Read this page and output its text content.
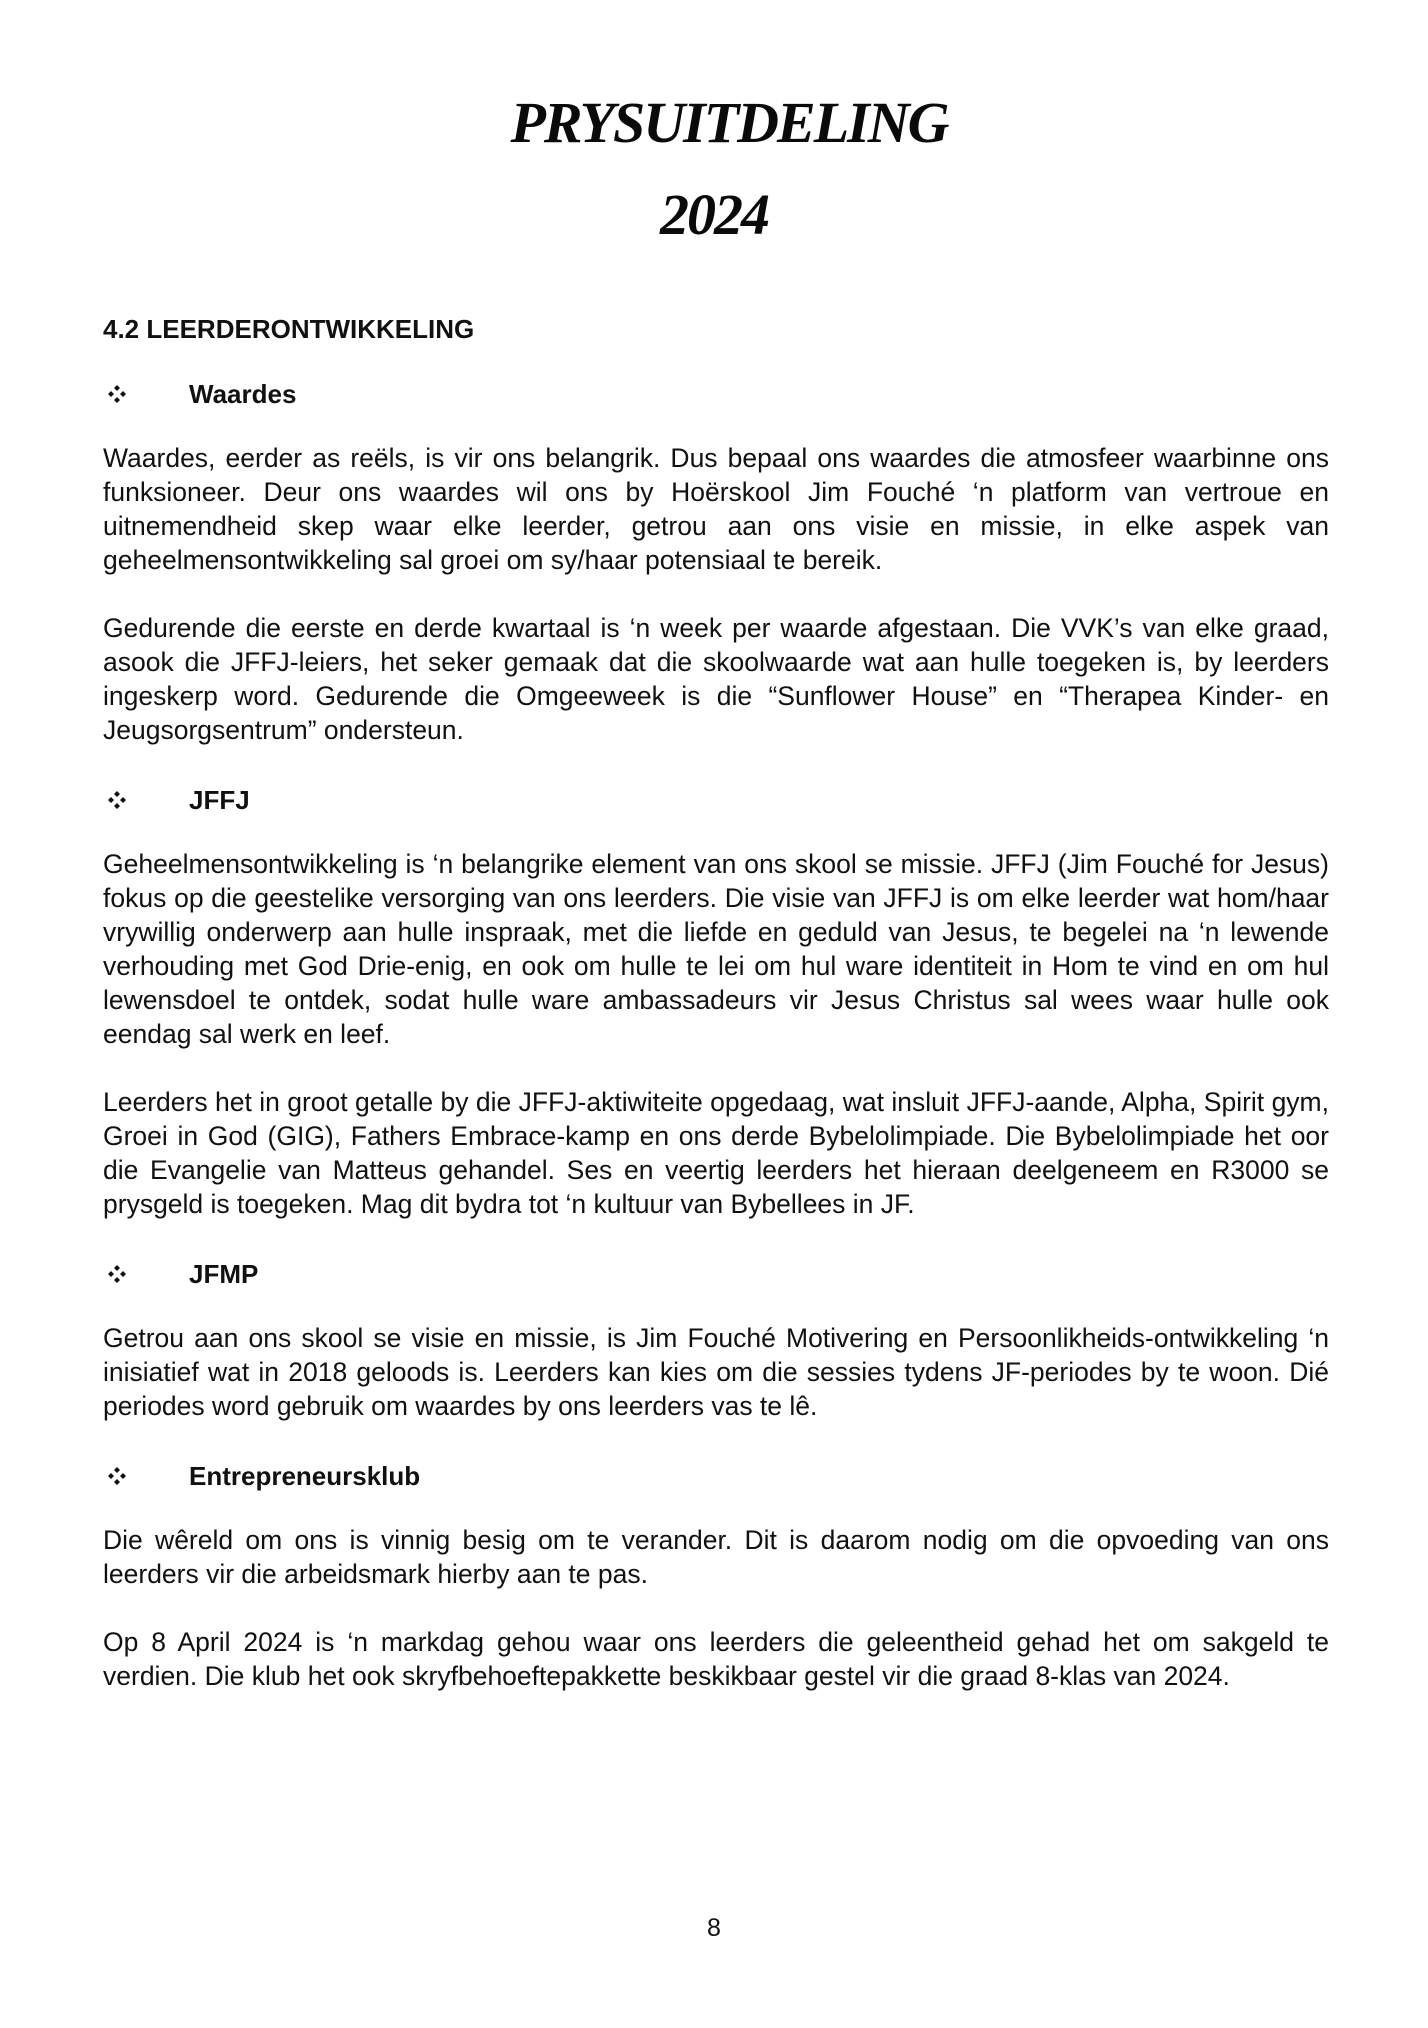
PRYSUITDELING
2024
4.2 LEERDERONTWIKKELING
Waardes

Waardes, eerder as reëls, is vir ons belangrik. Dus bepaal ons waardes die atmosfeer waarbinne ons funksioneer. Deur ons waardes wil ons by Hoërskool Jim Fouché ‘n platform van vertroue en uitnemendheid skep waar elke leerder, getrou aan ons visie en missie, in elke aspek van geheelmensontwikkeling sal groei om sy/haar potensiaal te bereik.

Gedurende die eerste en derde kwartaal is ‘n week per waarde afgestaan. Die VVK’s van elke graad, asook die JFFJ-leiers, het seker gemaak dat die skoolwaarde wat aan hulle toegeken is, by leerders ingeskerp word. Gedurende die Omgeeweek is die “Sunflower House” en “Therapea Kinder- en Jeugsorgsentrum” ondersteun.

JFFJ

Geheelmensontwikkeling is ‘n belangrike element van ons skool se missie. JFFJ (Jim Fouché for Jesus) fokus op die geestelike versorging van ons leerders. Die visie van JFFJ is om elke leerder wat hom/haar vrywillig onderwerp aan hulle inspraak, met die liefde en geduld van Jesus, te begelei na ‘n lewende verhouding met God Drie-enig, en ook om hulle te lei om hul ware identiteit in Hom te vind en om hul lewensdoel te ontdek, sodat hulle ware ambassadeurs vir Jesus Christus sal wees waar hulle ook eendag sal werk en leef.

Leerders het in groot getalle by die JFFJ-aktiwiteite opgedaag, wat insluit JFFJ-aande, Alpha, Spirit gym, Groei in God (GIG), Fathers Embrace-kamp en ons derde Bybelolimpiade. Die Bybelolimpiade het oor die Evangelie van Matteus gehandel. Ses en veertig leerders het hieraan deelgeneem en R3000 se prysgeld is toegeken. Mag dit bydra tot ‘n kultuur van Bybellees in JF.

JFMP

Getrou aan ons skool se visie en missie, is Jim Fouché Motivering en Persoonlikheids-ontwikkeling ‘n inisiatief wat in 2018 geloods is. Leerders kan kies om die sessies tydens JF-periodes by te woon. Dié periodes word gebruik om waardes by ons leerders vas te lê.

Entrepreneursklub

Die wêreld om ons is vinnig besig om te verander. Dit is daarom nodig om die opvoeding van ons leerders vir die arbeidsmark hierby aan te pas.

Op 8 April 2024 is ‘n markdag gehou waar ons leerders die geleentheid gehad het om sakgeld te verdien. Die klub het ook skryfbehoeftepakkette beskikbaar gestel vir die graad 8-klas van 2024.

8
